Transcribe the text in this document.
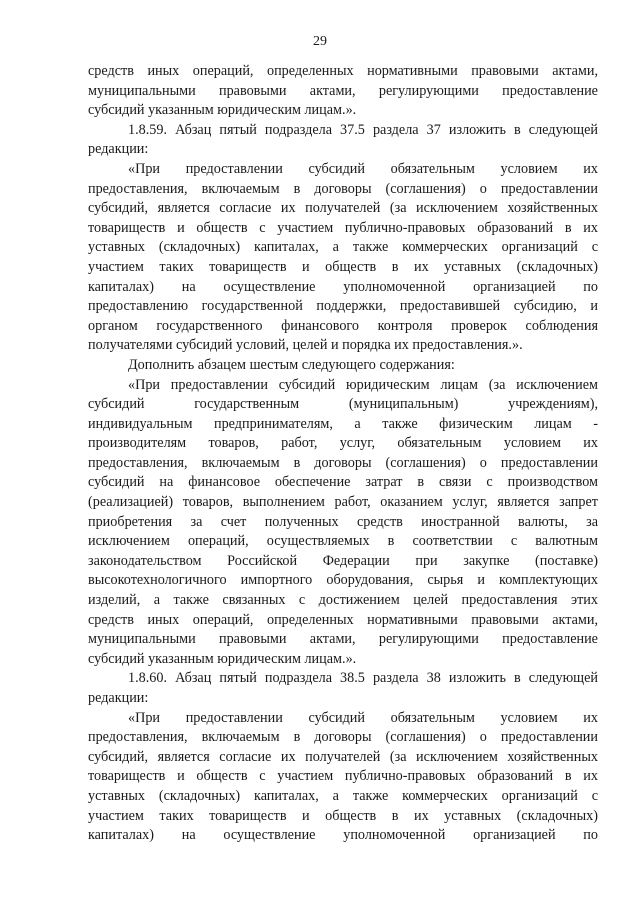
29
средств иных операций, определенных нормативными правовыми актами,
муниципальными правовыми актами, регулирующими предоставление
субсидий указанным юридическим лицам.».
1.8.59. Абзац пятый подраздела 37.5 раздела 37 изложить в следующей
редакции:
«При предоставлении субсидий обязательным условием их
предоставления, включаемым в договоры (соглашения) о предоставлении
субсидий, является согласие их получателей (за исключением хозяйственных
товариществ и обществ с участием публично-правовых образований в их
уставных (складочных) капиталах, а также коммерческих организаций с
участием таких товариществ и обществ в их уставных (складочных)
капиталах) на осуществление уполномоченной организацией по
предоставлению государственной поддержки, предоставившей субсидию, и
органом государственного финансового контроля проверок соблюдения
получателями субсидий условий, целей и порядка их предоставления.».
Дополнить абзацем шестым следующего содержания:
«При предоставлении субсидий юридическим лицам (за исключением
субсидий государственным (муниципальным) учреждениям),
индивидуальным предпринимателям, а также физическим лицам -
производителям товаров, работ, услуг, обязательным условием их
предоставления, включаемым в договоры (соглашения) о предоставлении
субсидий на финансовое обеспечение затрат в связи с производством
(реализацией) товаров, выполнением работ, оказанием услуг, является запрет
приобретения за счет полученных средств иностранной валюты, за
исключением операций, осуществляемых в соответствии с валютным
законодательством Российской Федерации при закупке (поставке)
высокотехнологичного импортного оборудования, сырья и комплектующих
изделий, а также связанных с достижением целей предоставления этих
средств иных операций, определенных нормативными правовыми актами,
муниципальными правовыми актами, регулирующими предоставление
субсидий указанным юридическим лицам.».
1.8.60. Абзац пятый подраздела 38.5 раздела 38 изложить в следующей
редакции:
«При предоставлении субсидий обязательным условием их
предоставления, включаемым в договоры (соглашения) о предоставлении
субсидий, является согласие их получателей (за исключением хозяйственных
товариществ и обществ с участием публично-правовых образований в их
уставных (складочных) капиталах, а также коммерческих организаций с
участием таких товариществ и обществ в их уставных (складочных)
капиталах) на осуществление уполномоченной организацией по
